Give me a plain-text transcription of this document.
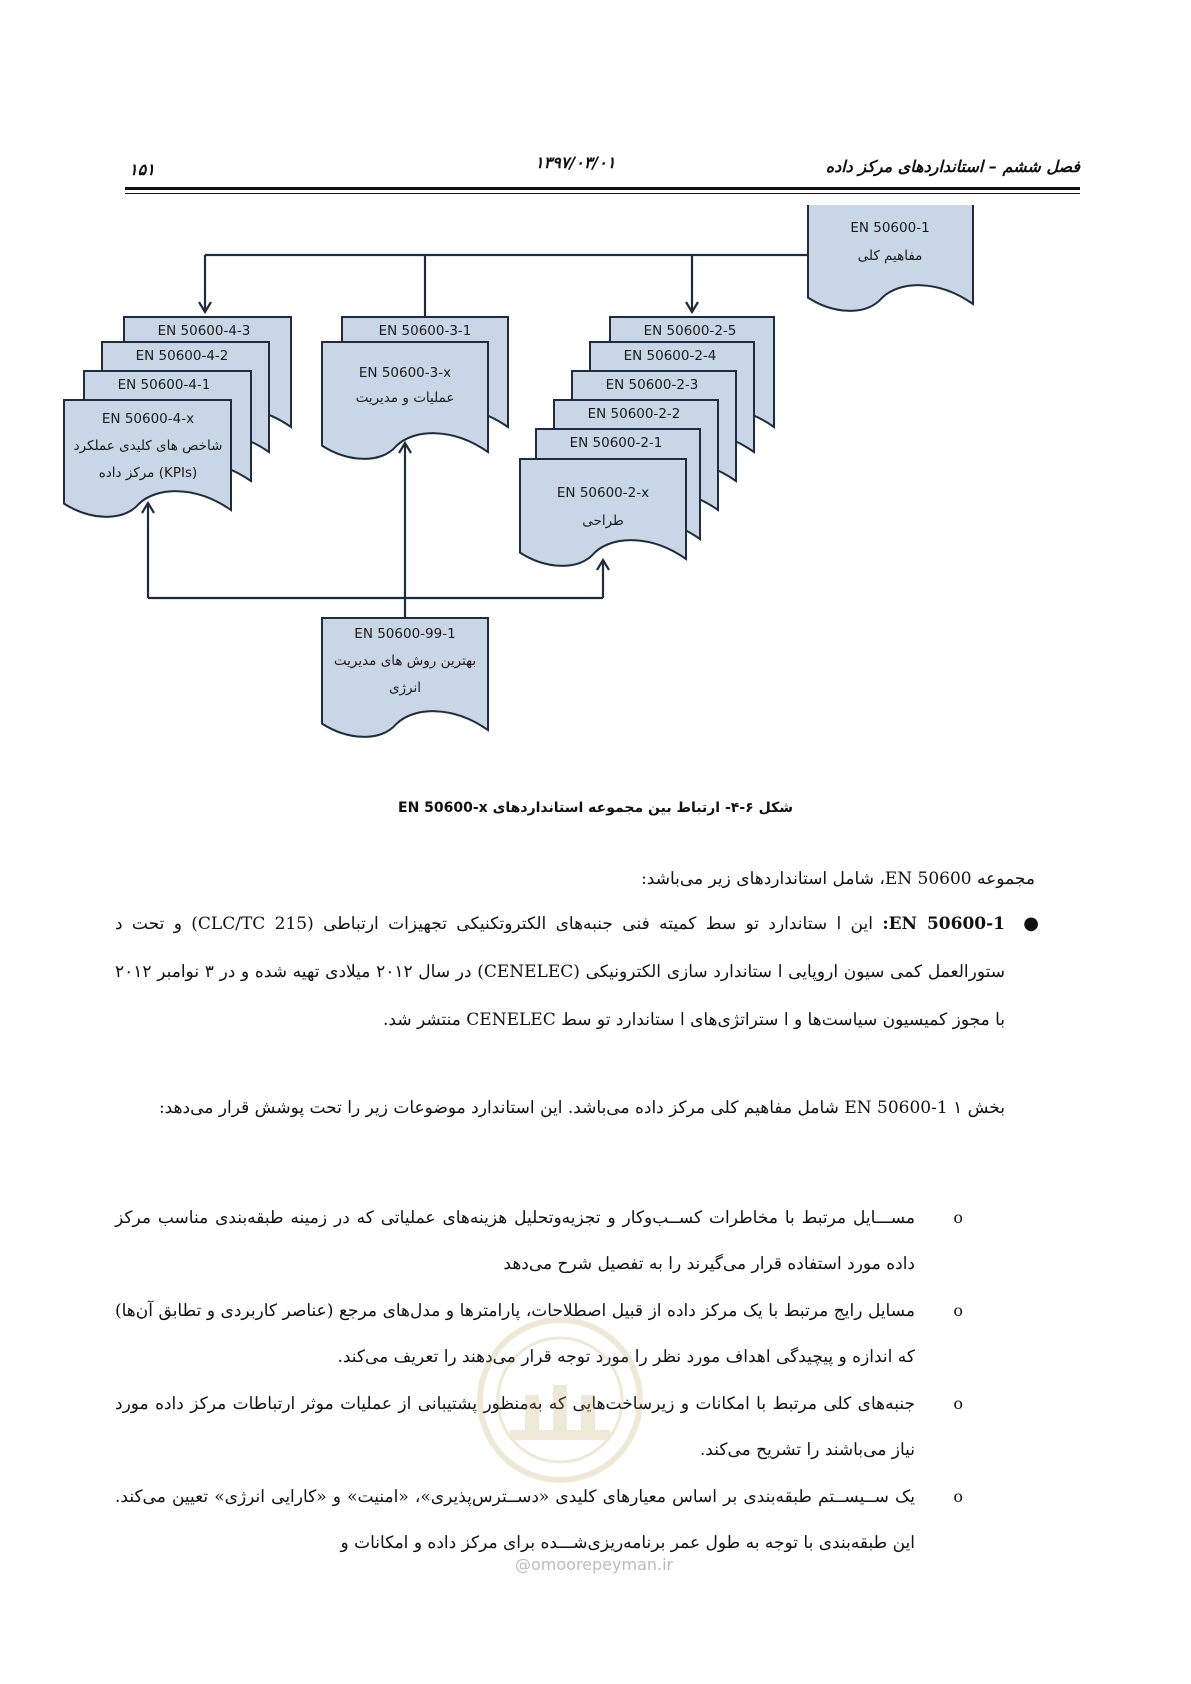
فصل ششم – استانداردهای مرکز داده
۱۳۹۷/۰۳/۰۱
۱۵۱
EN 50600-1
مفاهیم کلی
EN 50600-4-3
EN 50600-4-2
EN 50600-4-1
EN 50600-4-x
شاخص های کلیدی عملکرد
مرکز داده (KPIs)
EN 50600-3-1
EN 50600-3-x
عملیات و مدیریت
EN 50600-2-5
EN 50600-2-4
EN 50600-2-3
EN 50600-2-2
EN 50600-2-1
EN 50600-2-x
طراحی
EN 50600-99-1
بهترین روش های مدیریت
انرژی
شکل ۶-۴- ارتباط بین مجموعه استانداردهای EN 50600-x
مجموعه EN 50600، شامل استانداردهای زیر می‌باشد:
●
EN 50600-1: این ا ستاندارد تو سط کمیته فنی جنبه‌های الکتروتکنیکی تجهیزات ارتباطی (CLC/TC 215) و تحت د ستورالعمل کمی سیون اروپایی ا ستاندارد سازی الکترونیکی (CENELEC) در سال ۲۰۱۲ میلادی تهیه شده و در ۳ نوامبر ۲۰۱۲ با مجوز کمیسیون سیاست‌ها و ا ستراتژی‌های ا ستاندارد تو سط CENELEC منتشر شد.
بخش ۱ EN 50600-1 شامل مفاهیم کلی مرکز داده می‌باشد. این استاندارد موضوعات زیر را تحت پوشش قرار می‌دهد:
o
مســـایل مرتبط با مخاطرات کســب‌وکار و تجزیه‌وتحلیل هزینه‌های عملیاتی که در زمینه طبقه‌بندی مناسب مرکز داده مورد استفاده قرار می‌گیرند را به تفصیل شرح می‌دهد
o
مسایل رایج مرتبط با یک مرکز داده از قبیل اصطلاحات، پارامترها و مدل‌های مرجع (عناصر کاربردی و تطابق آن‌ها) که اندازه و پیچیدگی اهداف مورد نظر را مورد توجه قرار می‌دهند را تعریف می‌کند.
o
جنبه‌های کلی مرتبط با امکانات و زیرساخت‌هایی که به‌منظور پشتیبانی از عملیات موثر ارتباطات مرکز داده مورد نیاز می‌باشند را تشریح می‌کند.
o
یک ســیســتم طبقه‌بندی بر اساس معیارهای کلیدی «دســترس‌پذیری»، «امنیت» و «کارایی انرژی» تعیین می‌کند. این طبقه‌بندی با توجه به طول عمر برنامه‌ریزی‌شـــده برای مرکز داده و امکانات و
@omoorepeyman.ir
